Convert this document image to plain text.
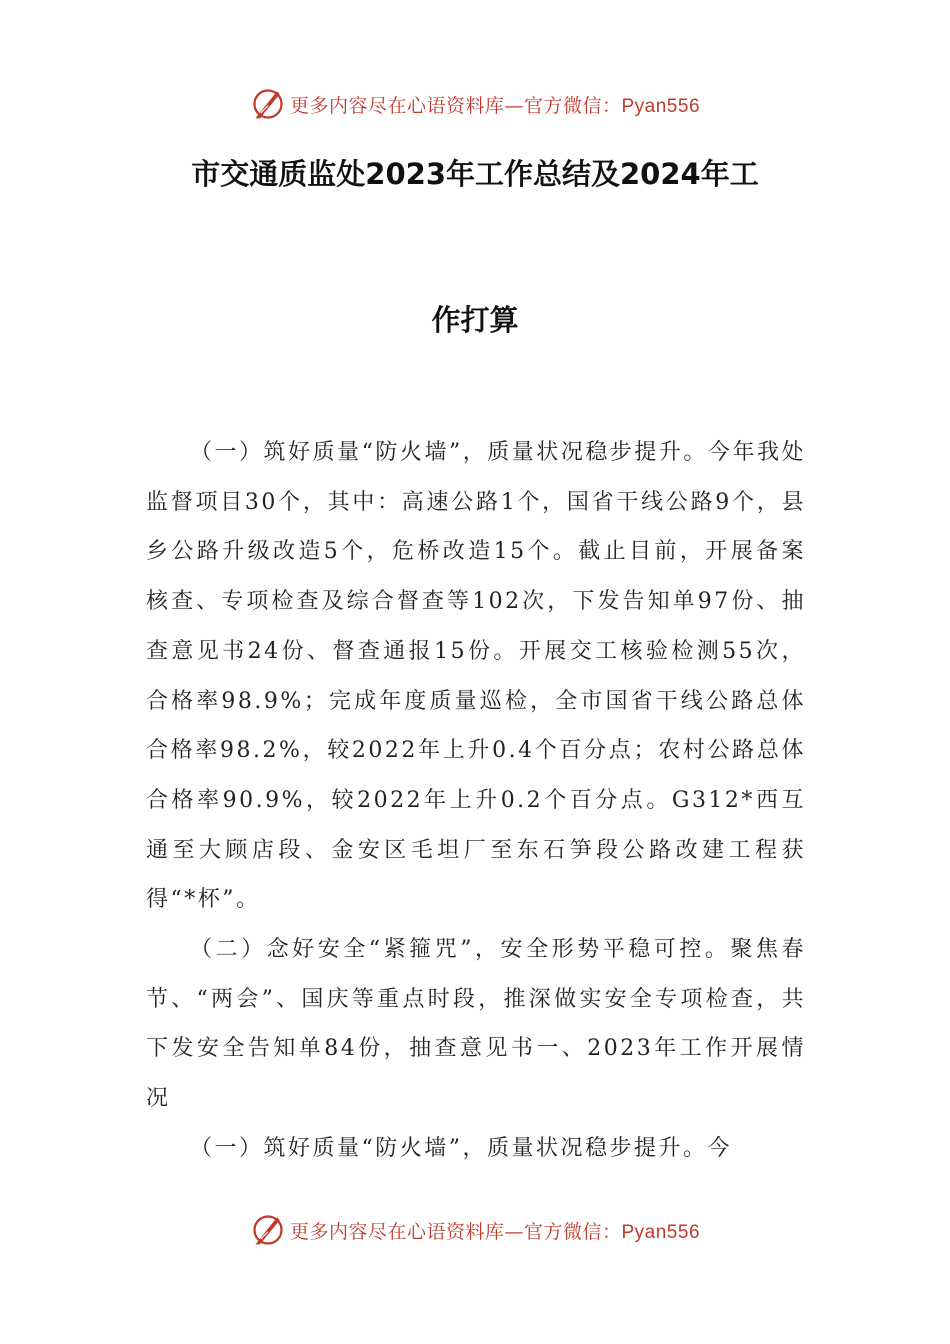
更多内容尽在心语资料库—官方微信：Pyan556
市交通质监处2023年工作总结及2024年工
作打算

（一）筑好质量“防火墙”，质量状况稳步提升。今年我处监督项目30个，其中：高速公路1个，国省干线公路9个，县乡公路升级改造5个，危桥改造15个。截止目前，开展备案核查、专项检查及综合督查等102次，下发告知单97份、抽查意见书24份、督查通报15份。开展交工核验检测55次，合格率98.9%；完成年度质量巡检，全市国省干线公路总体合格率98.2%，较2022年上升0.4个百分点；农村公路总体合格率90.9%，较2022年上升0.2个百分点。G312*西互通至大顾店段、金安区毛坦厂至东石笋段公路改建工程获得“*杯”。

（二）念好安全“紧箍咒”，安全形势平稳可控。聚焦春节、“两会”、国庆等重点时段，推深做实安全专项检查，共下发安全告知单84份，抽查意见书一、2023年工作开展情况

（一）筑好质量“防火墙”，质量状况稳步提升。今

更多内容尽在心语资料库—官方微信：Pyan556
